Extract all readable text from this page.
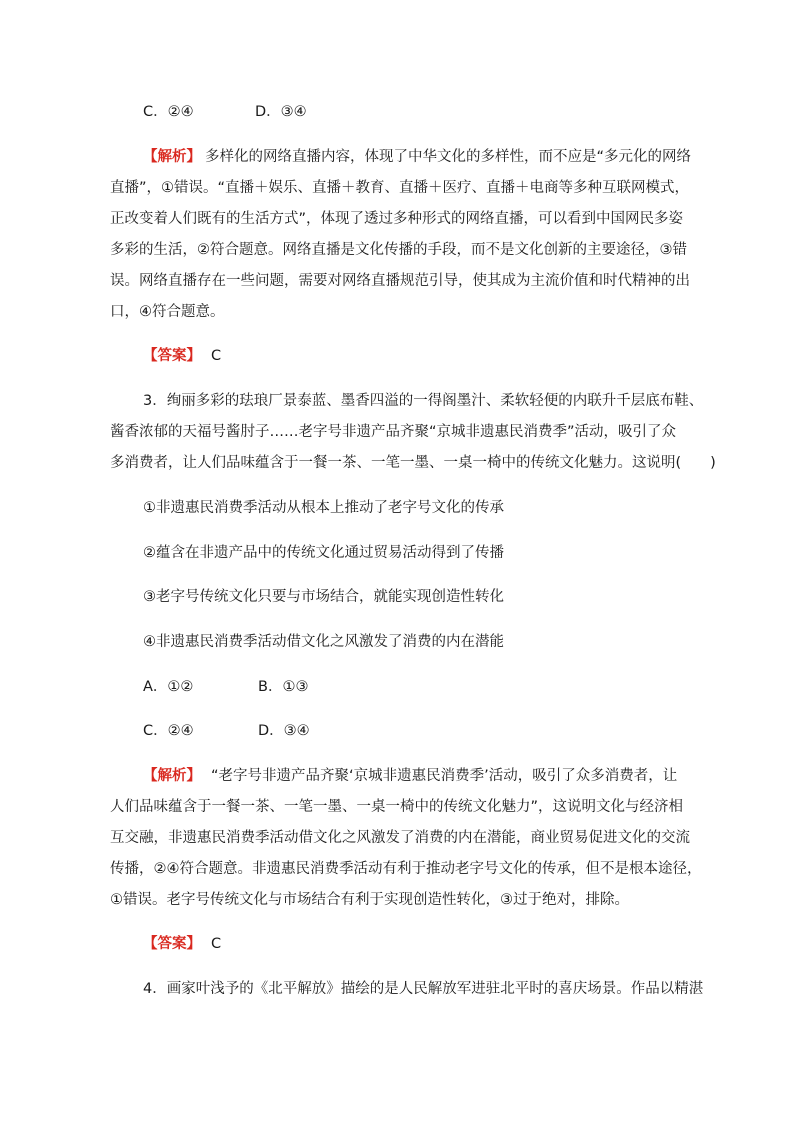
C．②④	D．③④
【解析】 多样化的网络直播内容，体现了中华文化的多样性，而不应是“多元化的网络
直播”，①错误。“直播＋娱乐、直播＋教育、直播＋医疗、直播＋电商等多种互联网模式，
正改变着人们既有的生活方式”，体现了透过多种形式的网络直播，可以看到中国网民多姿
多彩的生活，②符合题意。网络直播是文化传播的手段，而不是文化创新的主要途径，③错
误。网络直播存在一些问题，需要对网络直播规范引导，使其成为主流价值和时代精神的出
口，④符合题意。
【答案】 C
3．绚丽多彩的珐琅厂景泰蓝、墨香四溢的一得阁墨汁、柔软轻便的内联升千层底布鞋、
酱香浓郁的天福号酱肘子……老字号非遗产品齐聚“京城非遗惠民消费季”活动，吸引了众
多消费者，让人们品味蕴含于一餐一茶、一笔一墨、一桌一椅中的传统文化魅力。这说明(　　)
①非遗惠民消费季活动从根本上推动了老字号文化的传承
②蕴含在非遗产品中的传统文化通过贸易活动得到了传播
③老字号传统文化只要与市场结合，就能实现创造性转化
④非遗惠民消费季活动借文化之风激发了消费的内在潜能
A．①②	B．①③
C．②④	D．③④
【解析】 “老字号非遗产品齐聚‘京城非遗惠民消费季’活动，吸引了众多消费者，让
人们品味蕴含于一餐一茶、一笔一墨、一桌一椅中的传统文化魅力”，这说明文化与经济相
互交融，非遗惠民消费季活动借文化之风激发了消费的内在潜能，商业贸易促进文化的交流
传播，②④符合题意。非遗惠民消费季活动有利于推动老字号文化的传承，但不是根本途径，
①错误。老字号传统文化与市场结合有利于实现创造性转化，③过于绝对，排除。
【答案】 C
4．画家叶浅予的《北平解放》描绘的是人民解放军进驻北平时的喜庆场景。作品以精湛
